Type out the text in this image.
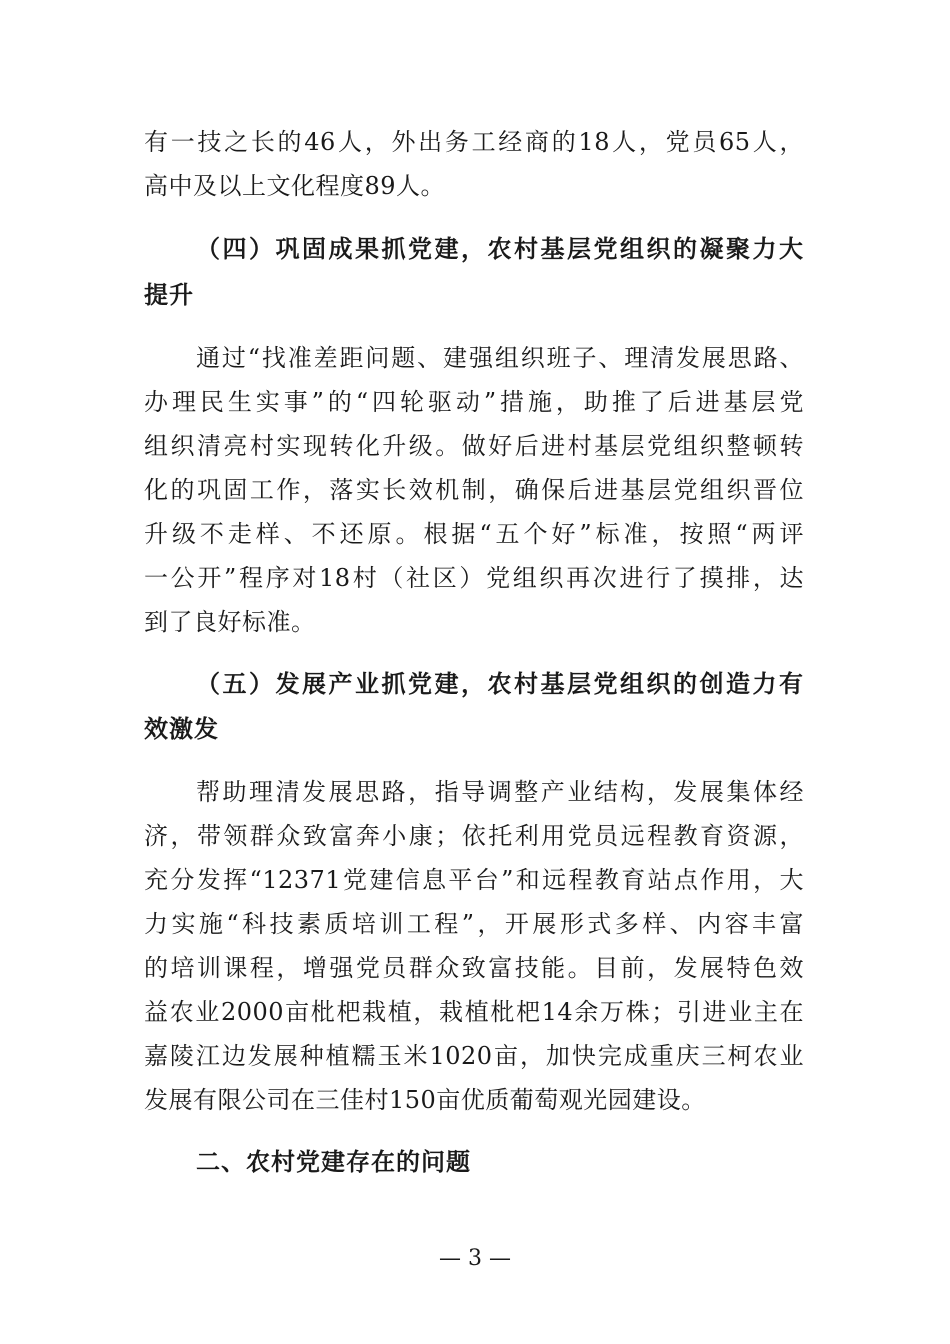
有一技之长的46人，外出务工经商的18人，党员65人，
高中及以上文化程度89人。
（四）巩固成果抓党建，农村基层党组织的凝聚力大
提升
通过“找准差距问题、建强组织班子、理清发展思路、
办理民生实事”的“四轮驱动”措施，助推了后进基层党
组织清亮村实现转化升级。做好后进村基层党组织整顿转
化的巩固工作，落实长效机制，确保后进基层党组织晋位
升级不走样、不还原。根据“五个好”标准，按照“两评
一公开”程序对18村（社区）党组织再次进行了摸排，达
到了良好标准。
（五）发展产业抓党建，农村基层党组织的创造力有
效激发
帮助理清发展思路，指导调整产业结构，发展集体经
济，带领群众致富奔小康；依托利用党员远程教育资源，
充分发挥“12371党建信息平台”和远程教育站点作用，大
力实施“科技素质培训工程”，开展形式多样、内容丰富
的培训课程，增强党员群众致富技能。目前，发展特色效
益农业2000亩枇杷栽植，栽植枇杷14余万株；引进业主在
嘉陵江边发展种植糯玉米1020亩，加快完成重庆三柯农业
发展有限公司在三佳村150亩优质葡萄观光园建设。
二、农村党建存在的问题
— 3 —
